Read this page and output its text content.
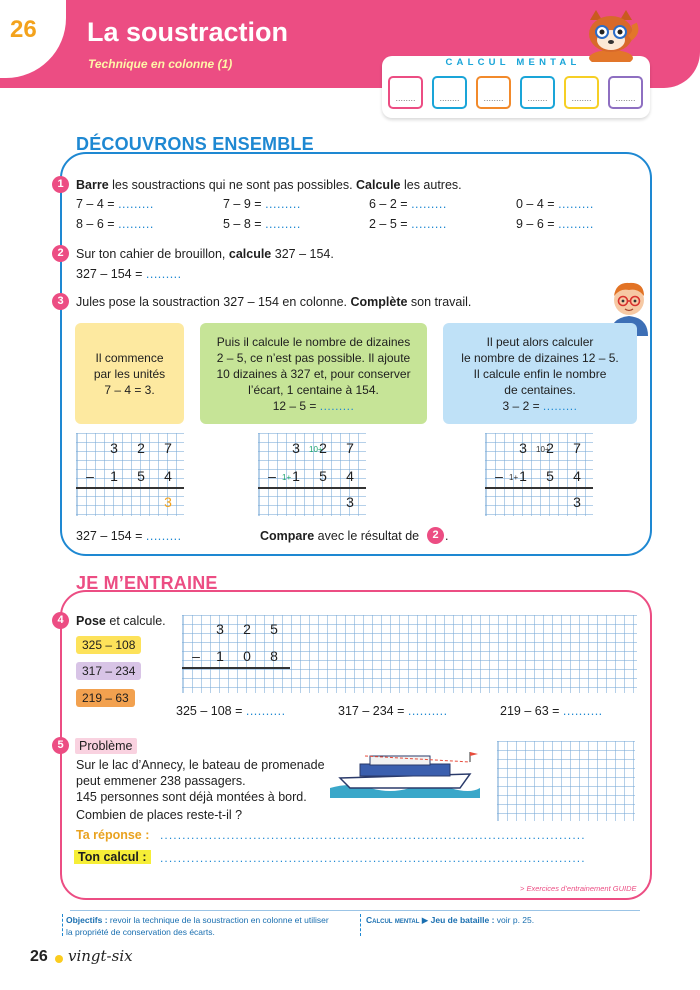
26 La soustraction
Technique en colonne (1)	CALCUL MENTAL
........	........	........	........	........	........
DÉCOUVRONS ENSEMBLE
1 Barre les soustractions qui ne sont pas possibles. Calcule les autres.
7 – 4 = .........	7 – 9 = .........	6 – 2 = .........	0 – 4 = .........
8 – 6 = .........	5 – 8 = .........	2 – 5 = .........	9 – 6 = .........
2 Sur ton cahier de brouillon, calcule 327 – 154.
327 – 154 = .........
3 Jules pose la soustraction 327 – 154 en colonne. Complète son travail.
Il commence
par les unités
7 – 4 = 3.
Puis il calcule le nombre de dizaines
2 – 5, ce n’est pas possible. Il ajoute
10 dizaines à 327 et, pour conserver
l’écart, 1 centaine à 154.
12 – 5 = .........
Il peut alors calculer
le nombre de dizaines 12 – 5.
Il calcule enfin le nombre
de centaines.
3 – 2 = .........
3	2	7
–	1	5	4
3
3	2	7
–	1	5	4
3
10+
1+
3	2	7
–	1	5	4
3
10+
1+
327 – 154 = .........	Compare avec le résultat de	2 .
JE M’ENTRAINE
4 Pose et calcule.
325 – 108
317 – 234
219 – 63
3	2	5
–	1	0	8
325 – 108 = ..........	317 – 234 = ..........	219 – 63 = ..........
5	Problème
Sur le lac d’Annecy, le bateau de promenade
peut emmener 238 passagers.
145 personnes sont déjà montées à bord.
Combien de places reste-t-il ?
Ta réponse : ................................................................................................
Ton calcul :	................................................................................................
> Exercices d’entrainement GUIDE
Objectifs : revoir la technique de la soustraction en colonne et utiliser
la propriété de conservation des écarts.
Calcul mental ▶ Jeu de bataille : voir p. 25.
26 vingt-six
